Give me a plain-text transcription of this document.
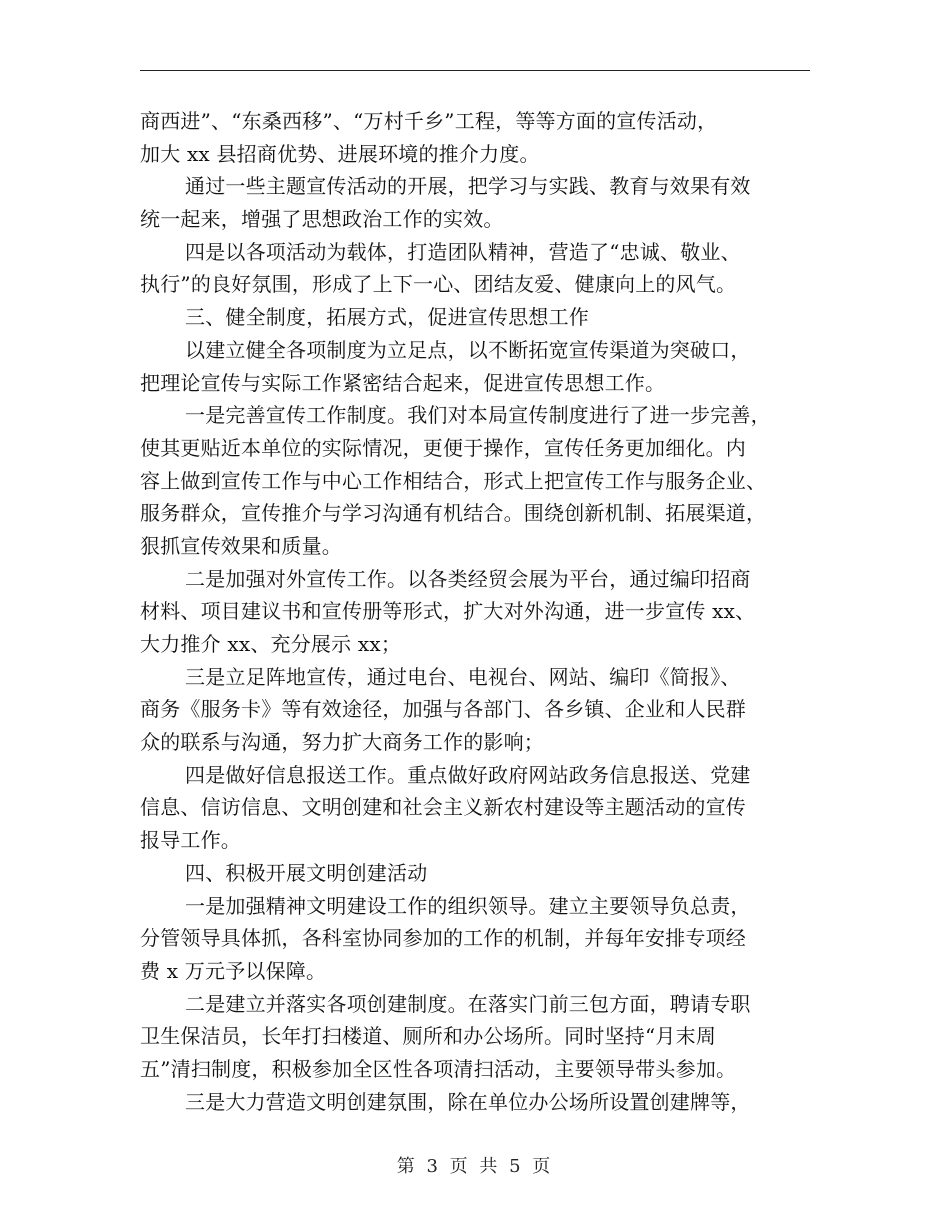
商西进”、“东桑西移”、“万村千乡”工程，等等方面的宣传活动，
加大 xx 县招商优势、进展环境的推介力度。
通过一些主题宣传活动的开展，把学习与实践、教育与效果有效
统一起来，增强了思想政治工作的实效。
四是以各项活动为载体，打造团队精神，营造了“忠诚、敬业、
执行”的良好氛围，形成了上下一心、团结友爱、健康向上的风气。
三、健全制度，拓展方式，促进宣传思想工作
以建立健全各项制度为立足点，以不断拓宽宣传渠道为突破口，
把理论宣传与实际工作紧密结合起来，促进宣传思想工作。
一是完善宣传工作制度。我们对本局宣传制度进行了进一步完善，
使其更贴近本单位的实际情况，更便于操作，宣传任务更加细化。内
容上做到宣传工作与中心工作相结合，形式上把宣传工作与服务企业、
服务群众，宣传推介与学习沟通有机结合。围绕创新机制、拓展渠道，
狠抓宣传效果和质量。
二是加强对外宣传工作。以各类经贸会展为平台，通过编印招商
材料、项目建议书和宣传册等形式，扩大对外沟通，进一步宣传 xx、
大力推介 xx、充分展示 xx；
三是立足阵地宣传，通过电台、电视台、网站、编印《简报》、
商务《服务卡》等有效途径，加强与各部门、各乡镇、企业和人民群
众的联系与沟通，努力扩大商务工作的影响；
四是做好信息报送工作。重点做好政府网站政务信息报送、党建
信息、信访信息、文明创建和社会主义新农村建设等主题活动的宣传
报导工作。
四、积极开展文明创建活动
一是加强精神文明建设工作的组织领导。建立主要领导负总责，
分管领导具体抓，各科室协同参加的工作的机制，并每年安排专项经
费 x 万元予以保障。
二是建立并落实各项创建制度。在落实门前三包方面，聘请专职
卫生保洁员，长年打扫楼道、厕所和办公场所。同时坚持“月末周
五”清扫制度，积极参加全区性各项清扫活动，主要领导带头参加。
三是大力营造文明创建氛围，除在单位办公场所设置创建牌等，
第 3 页 共 5 页
